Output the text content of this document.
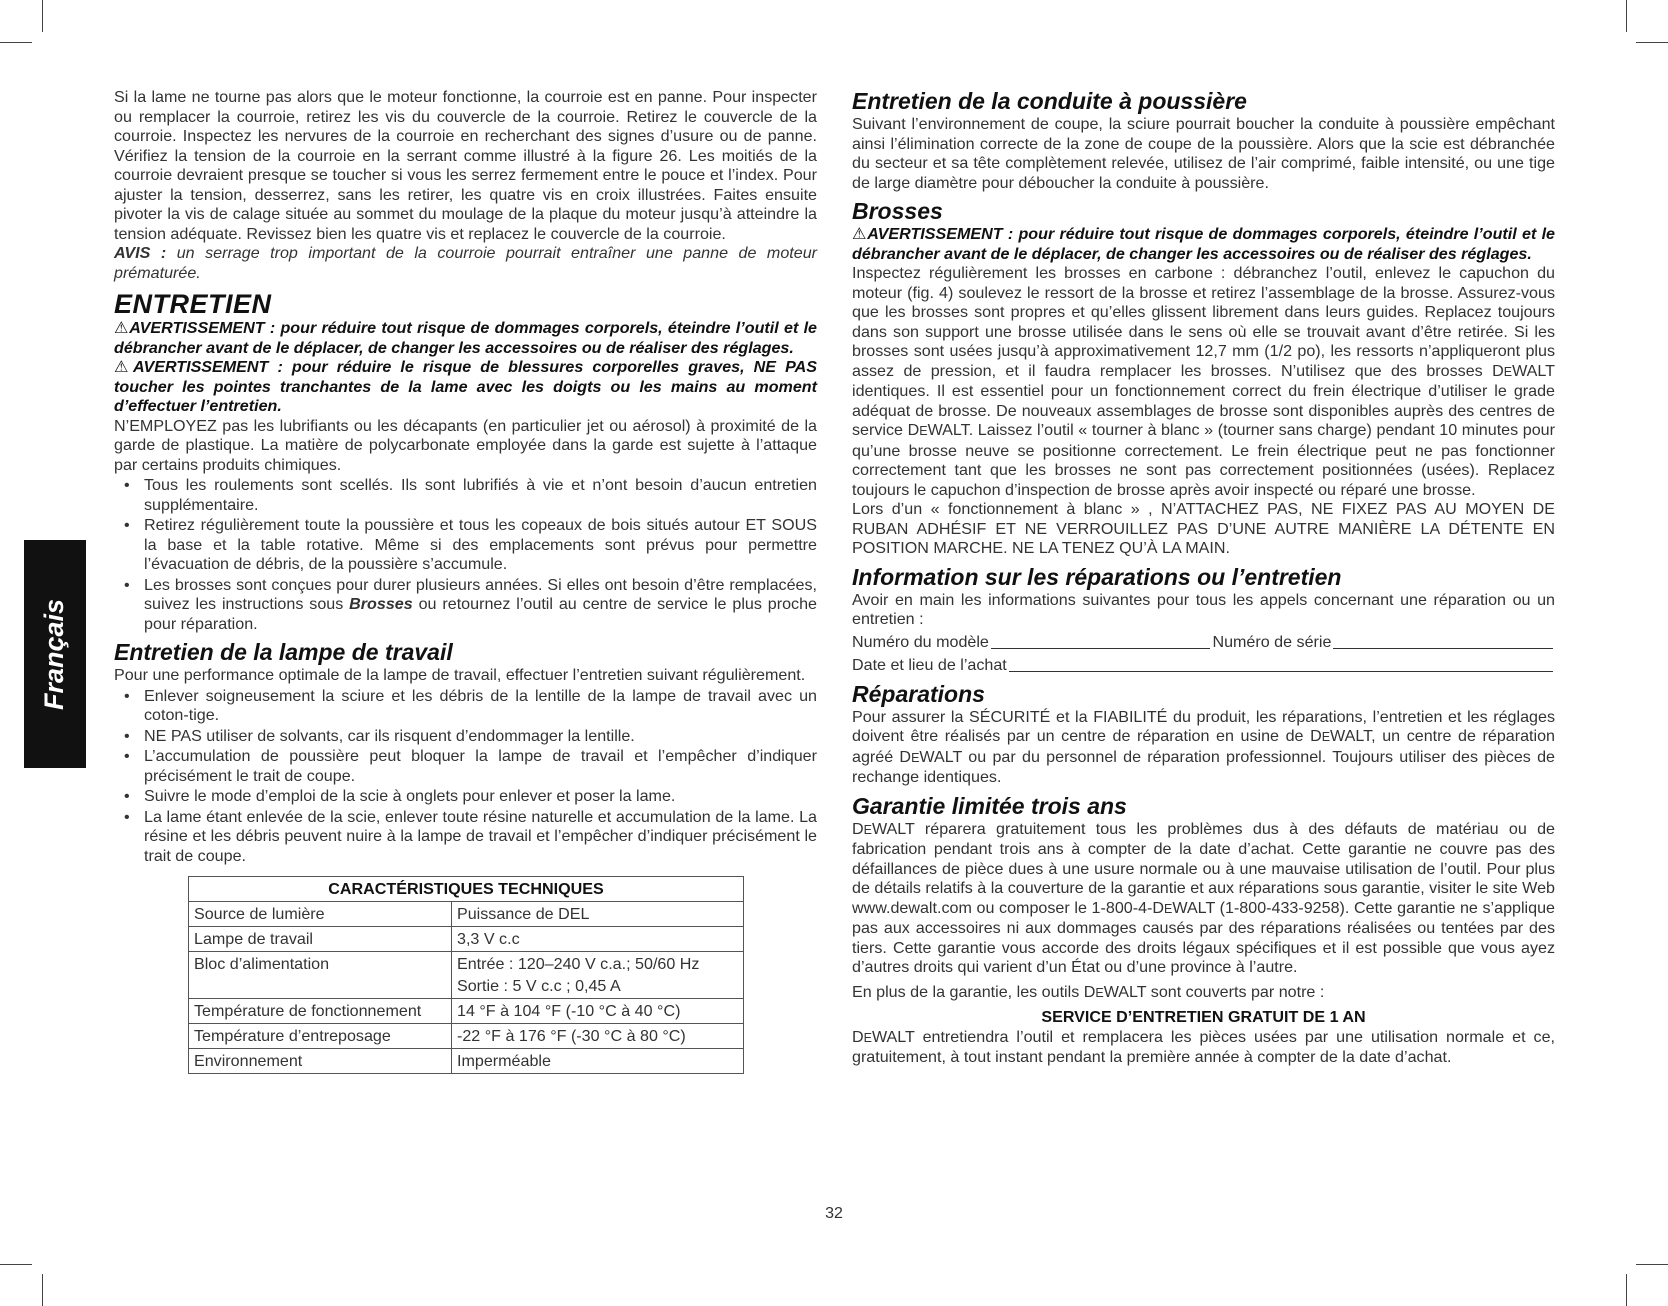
Français

Si la lame ne tourne pas alors que le moteur fonctionne, la courroie est en panne. Pour inspecter ou remplacer la courroie, retirez les vis du couvercle de la courroie. Retirez le couvercle de la courroie. Inspectez les nervures de la courroie en recherchant des signes d’usure ou de panne. Vérifiez la tension de la courroie en la serrant comme illustré à la figure 26. Les moitiés de la courroie devraient presque se toucher si vous les serrez fermement entre le pouce et l’index. Pour ajuster la tension, desserrez, sans les retirer, les quatre vis en croix illustrées. Faites ensuite pivoter la vis de calage située au sommet du moulage de la plaque du moteur jusqu’à atteindre la tension adéquate. Revissez bien les quatre vis et replacez le couvercle de la courroie.

AVIS : un serrage trop important de la courroie pourrait entraîner une panne de moteur prématurée.

ENTRETIEN

⚠AVERTISSEMENT : pour réduire tout risque de dommages corporels, éteindre l’outil et le débrancher avant de le déplacer, de changer les accessoires ou de réaliser des réglages.

⚠AVERTISSEMENT : pour réduire le risque de blessures corporelles graves, NE PAS toucher les pointes tranchantes de la lame avec les doigts ou les mains au moment d’effectuer l’entretien.

N’EMPLOYEZ pas les lubrifiants ou les décapants (en particulier jet ou aérosol) à proximité de la garde de plastique. La matière de polycarbonate employée dans la garde est sujette à l’attaque par certains produits chimiques.

• Tous les roulements sont scellés. Ils sont lubrifiés à vie et n’ont besoin d’aucun entretien supplémentaire.
• Retirez régulièrement toute la poussière et tous les copeaux de bois situés autour ET SOUS la base et la table rotative. Même si des emplacements sont prévus pour permettre l’évacuation de débris, de la poussière s’accumule.
• Les brosses sont conçues pour durer plusieurs années. Si elles ont besoin d’être remplacées, suivez les instructions sous Brosses ou retournez l’outil au centre de service le plus proche pour réparation.
Entretien de la lampe de travail

Pour une performance optimale de la lampe de travail, effectuer l’entretien suivant régulièrement.

• Enlever soigneusement la sciure et les débris de la lentille de la lampe de travail avec un coton-tige.
• NE PAS utiliser de solvants, car ils risquent d’endommager la lentille.
• L’accumulation de poussière peut bloquer la lampe de travail et l’empêcher d’indiquer précisément le trait de coupe.
• Suivre le mode d’emploi de la scie à onglets pour enlever et poser la lame.
• La lame étant enlevée de la scie, enlever toute résine naturelle et accumulation de la lame. La résine et les débris peuvent nuire à la lampe de travail et l’empêcher d’indiquer précisément le trait de coupe.
CARACTÉRISTIQUES TECHNIQUES	
Source de lumière	Puissance de DEL
Lampe de travail	3,3 V c.c
Bloc d’alimentation	Entrée : 120–240 V c.a.; 50/60 Hz
Sortie : 5 V c.c ; 0,45 A

Température de fonctionnement	14 °F à 104 °F (-10 °C à 40 °C)
Température d’entreposage	-22 °F à 176 °F (-30 °C à 80 °C)
Environnement	Imperméable
Entretien de la conduite à poussière

Suivant l’environnement de coupe, la sciure pourrait boucher la conduite à poussière empêchant ainsi l’élimination correcte de la zone de coupe de la poussière. Alors que la scie est débranchée du secteur et sa tête complètement relevée, utilisez de l’air comprimé, faible intensité, ou une tige de large diamètre pour déboucher la conduite à poussière.

Brosses

⚠AVERTISSEMENT : pour réduire tout risque de dommages corporels, éteindre l’outil et le débrancher avant de le déplacer, de changer les accessoires ou de réaliser des réglages.

Inspectez régulièrement les brosses en carbone : débranchez l’outil, enlevez le capuchon du moteur (fig. 4) soulevez le ressort de la brosse et retirez l’assemblage de la brosse. Assurez-vous que les brosses sont propres et qu’elles glissent librement dans leurs guides. Replacez toujours dans son support une brosse utilisée dans le sens où elle se trouvait avant d’être retirée. Si les brosses sont usées jusqu’à approximativement 12,7 mm (1/2 po), les ressorts n’appliqueront plus assez de pression, et il faudra remplacer les brosses. N’utilisez que des brosses DEWALT identiques. Il est essentiel pour un fonctionnement correct du frein électrique d’utiliser le grade adéquat de brosse. De nouveaux assemblages de brosse sont disponibles auprès des centres de service DEWALT. Laissez l’outil « tourner à blanc » (tourner sans charge) pendant 10 minutes pour qu’une brosse neuve se positionne correctement. Le frein électrique peut ne pas fonctionner correctement tant que les brosses ne sont pas correctement positionnées (usées). Replacez toujours le capuchon d’inspection de brosse après avoir inspecté ou réparé une brosse.

Lors d’un « fonctionnement à blanc » , N’ATTACHEZ PAS, NE FIXEZ PAS AU MOYEN DE RUBAN ADHÉSIF ET NE VERROUILLEZ PAS D’UNE AUTRE MANIÈRE LA DÉTENTE EN POSITION MARCHE. NE LA TENEZ QU’À LA MAIN.

Information sur les réparations ou l’entretien

Avoir en main les informations suivantes pour tous les appels concernant une réparation ou un entretien :

Numéro du modèle	Numéro de série
Date et lieu de l’achat
Réparations

Pour assurer la SÉCURITÉ et la FIABILITÉ du produit, les réparations, l’entretien et les réglages doivent être réalisés par un centre de réparation en usine de DEWALT, un centre de réparation agréé DEWALT ou par du personnel de réparation professionnel. Toujours utiliser des pièces de rechange identiques.

Garantie limitée trois ans

DEWALT réparera gratuitement tous les problèmes dus à des défauts de matériau ou de fabrication pendant trois ans à compter de la date d’achat. Cette garantie ne couvre pas des défaillances de pièce dues à une usure normale ou à une mauvaise utilisation de l’outil. Pour plus de détails relatifs à la couverture de la garantie et aux réparations sous garantie, visiter le site Web www.dewalt.com ou composer le 1-800-4-DEWALT (1-800-433-9258). Cette garantie ne s’applique pas aux accessoires ni aux dommages causés par des réparations réalisées ou tentées par des tiers. Cette garantie vous accorde des droits légaux spécifiques et il est possible que vous ayez d’autres droits qui varient d’un État ou d’une province à l’autre.

En plus de la garantie, les outils DEWALT sont couverts par notre :

SERVICE D’ENTRETIEN GRATUIT DE 1 AN

DEWALT entretiendra l’outil et remplacera les pièces usées par une utilisation normale et ce, gratuitement, à tout instant pendant la première année à compter de la date d’achat.

32
